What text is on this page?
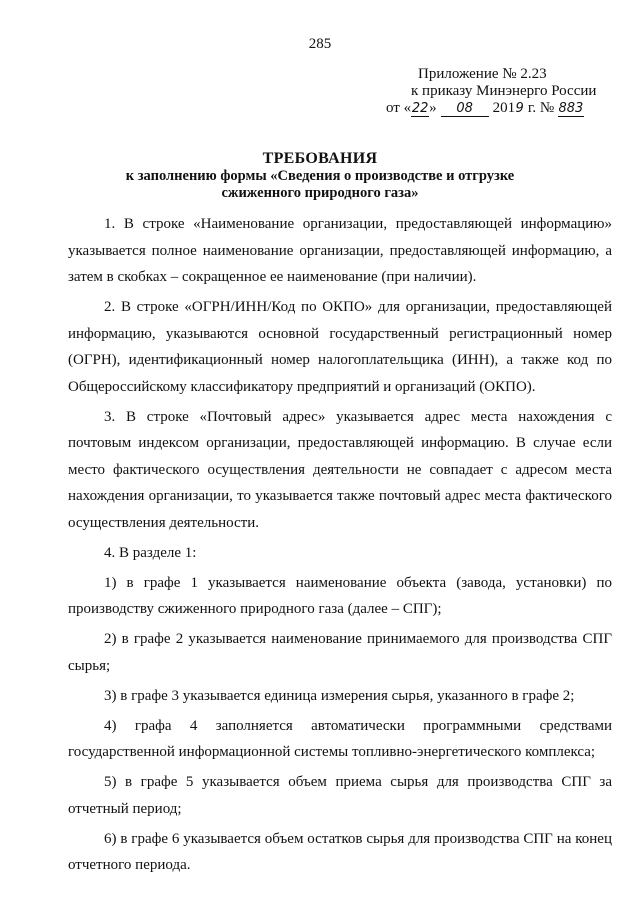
285
Приложение № 2.23
к приказу Минэнерго России
от «22» 08 2019 г. № 883
ТРЕБОВАНИЯ
к заполнению формы «Сведения о производстве и отгрузке
сжиженного природного газа»

1. В строке «Наименование организации, предоставляющей информацию» указывается полное наименование организации, предоставляющей информацию, а затем в скобках – сокращенное ее наименование (при наличии).

2. В строке «ОГРН/ИНН/Код по ОКПО» для организации, предоставляющей информацию, указываются основной государственный регистрационный номер (ОГРН), идентификационный номер налогоплательщика (ИНН), а также код по Общероссийскому классификатору предприятий и организаций (ОКПО).

3. В строке «Почтовый адрес» указывается адрес места нахождения с почтовым индексом организации, предоставляющей информацию. В случае если место фактического осуществления деятельности не совпадает с адресом места нахождения организации, то указывается также почтовый адрес места фактического осуществления деятельности.

4. В разделе 1:

1) в графе 1 указывается наименование объекта (завода, установки) по производству сжиженного природного газа (далее – СПГ);

2) в графе 2 указывается наименование принимаемого для производства СПГ сырья;

3) в графе 3 указывается единица измерения сырья, указанного в графе 2;

4) графа 4 заполняется автоматически программными средствами государственной информационной системы топливно-энергетического комплекса;

5) в графе 5 указывается объем приема сырья для производства СПГ за отчетный период;

6) в графе 6 указывается объем остатков сырья для производства СПГ на конец отчетного периода.
